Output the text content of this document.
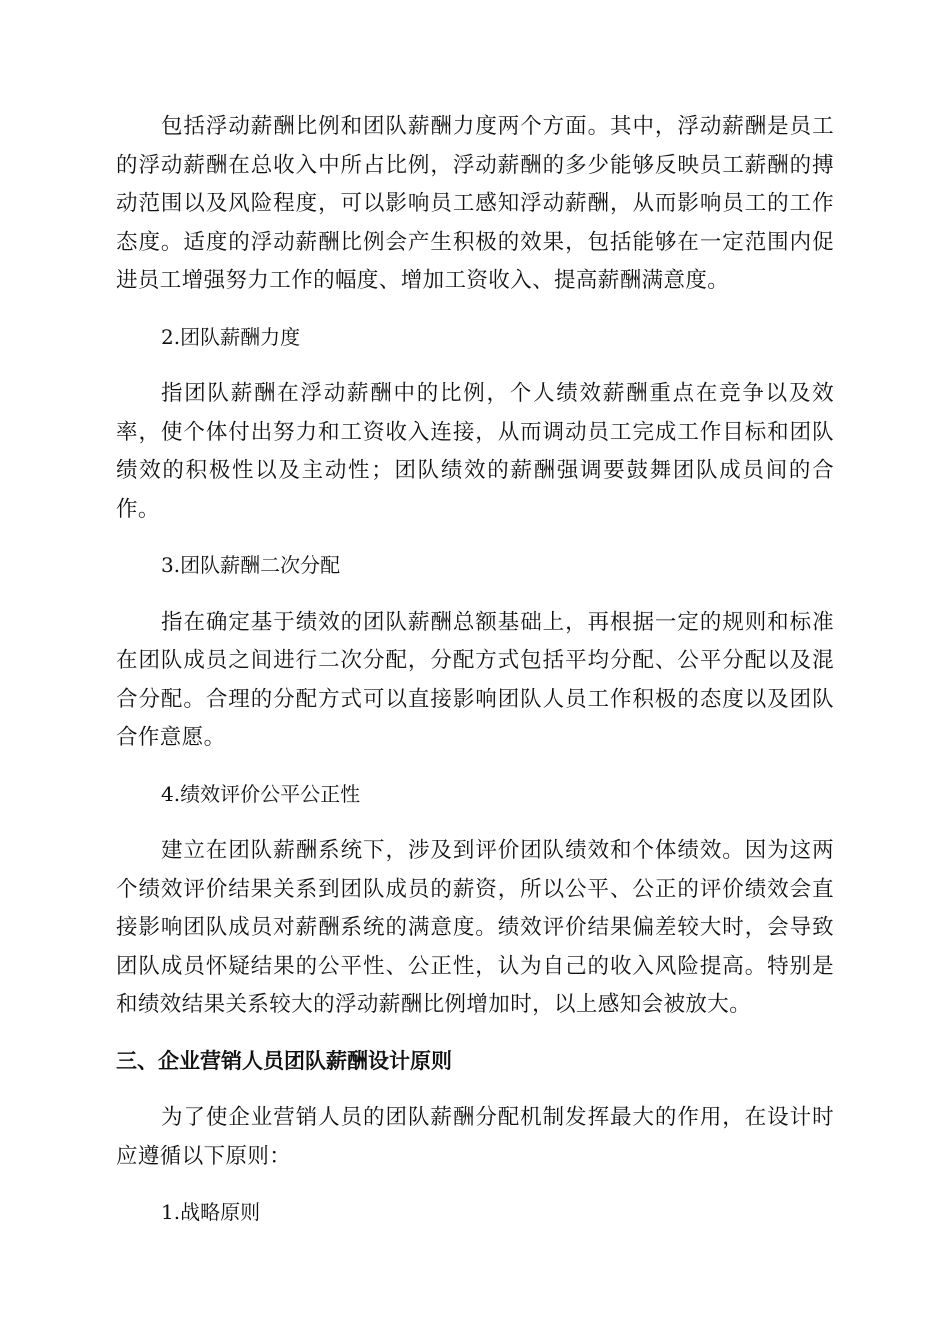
包括浮动薪酬比例和团队薪酬力度两个方面。其中，浮动薪酬是员工的浮动薪酬在总收入中所占比例，浮动薪酬的多少能够反映员工薪酬的搏动范围以及风险程度，可以影响员工感知浮动薪酬，从而影响员工的工作态度。适度的浮动薪酬比例会产生积极的效果，包括能够在一定范围内促进员工增强努力工作的幅度、增加工资收入、提高薪酬满意度。

2.团队薪酬力度

指团队薪酬在浮动薪酬中的比例，个人绩效薪酬重点在竞争以及效率，使个体付出努力和工资收入连接，从而调动员工完成工作目标和团队绩效的积极性以及主动性；团队绩效的薪酬强调要鼓舞团队成员间的合作。

3.团队薪酬二次分配

指在确定基于绩效的团队薪酬总额基础上，再根据一定的规则和标准在团队成员之间进行二次分配，分配方式包括平均分配、公平分配以及混合分配。合理的分配方式可以直接影响团队人员工作积极的态度以及团队合作意愿。

4.绩效评价公平公正性

建立在团队薪酬系统下，涉及到评价团队绩效和个体绩效。因为这两个绩效评价结果关系到团队成员的薪资，所以公平、公正的评价绩效会直接影响团队成员对薪酬系统的满意度。绩效评价结果偏差较大时，会导致团队成员怀疑结果的公平性、公正性，认为自己的收入风险提高。特别是和绩效结果关系较大的浮动薪酬比例增加时，以上感知会被放大。

三、企业营销人员团队薪酬设计原则

为了使企业营销人员的团队薪酬分配机制发挥最大的作用，在设计时应遵循以下原则：

1.战略原则
